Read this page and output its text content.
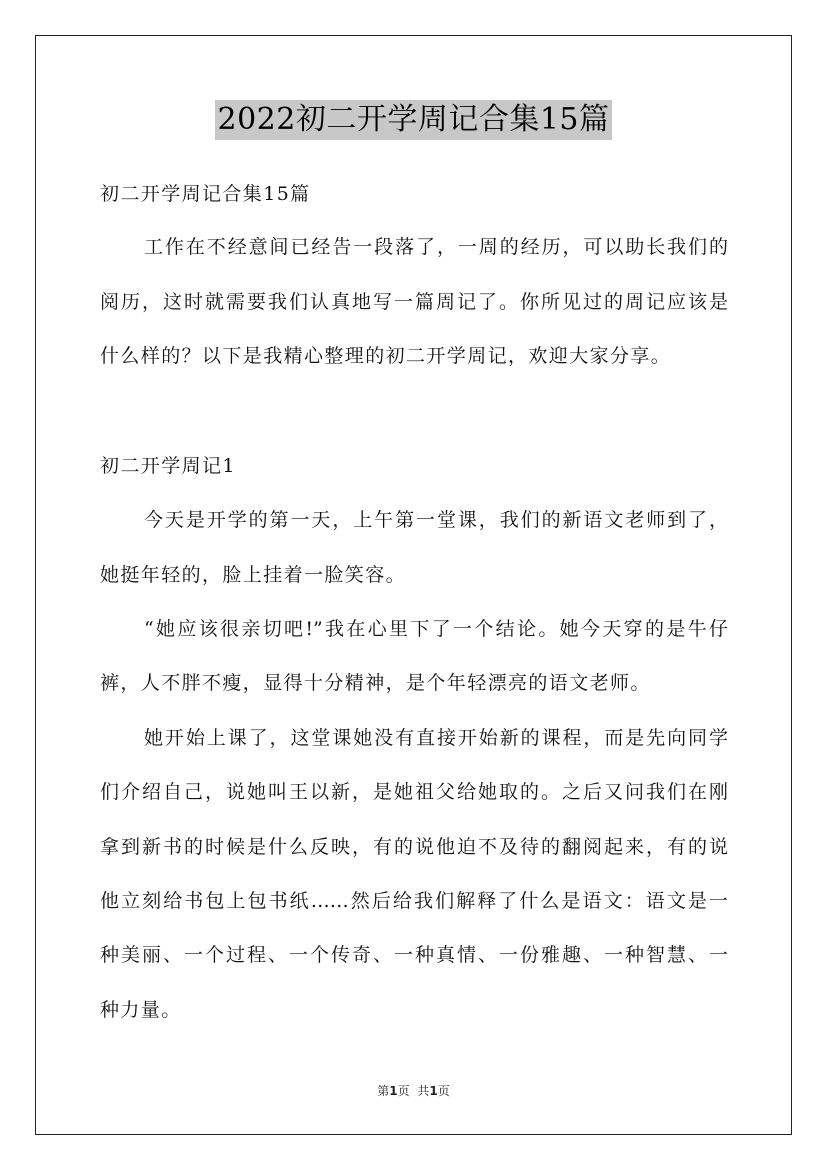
2022初二开学周记合集15篇
初二开学周记合集15篇
工作在不经意间已经告一段落了，一周的经历，可以助长我们的
阅历，这时就需要我们认真地写一篇周记了。你所见过的周记应该是
什么样的？以下是我精心整理的初二开学周记，欢迎大家分享。
初二开学周记1
今天是开学的第一天，上午第一堂课，我们的新语文老师到了，
她挺年轻的，脸上挂着一脸笑容。
“她应该很亲切吧!”我在心里下了一个结论。她今天穿的是牛仔
裤，人不胖不瘦，显得十分精神，是个年轻漂亮的语文老师。
她开始上课了，这堂课她没有直接开始新的课程，而是先向同学
们介绍自己，说她叫王以新，是她祖父给她取的。之后又问我们在刚
拿到新书的时候是什么反映，有的说他迫不及待的翻阅起来，有的说
他立刻给书包上包书纸……然后给我们解释了什么是语文：语文是一
种美丽、一个过程、一个传奇、一种真情、一份雅趣、一种智慧、一
种力量。
第1页 共1页
